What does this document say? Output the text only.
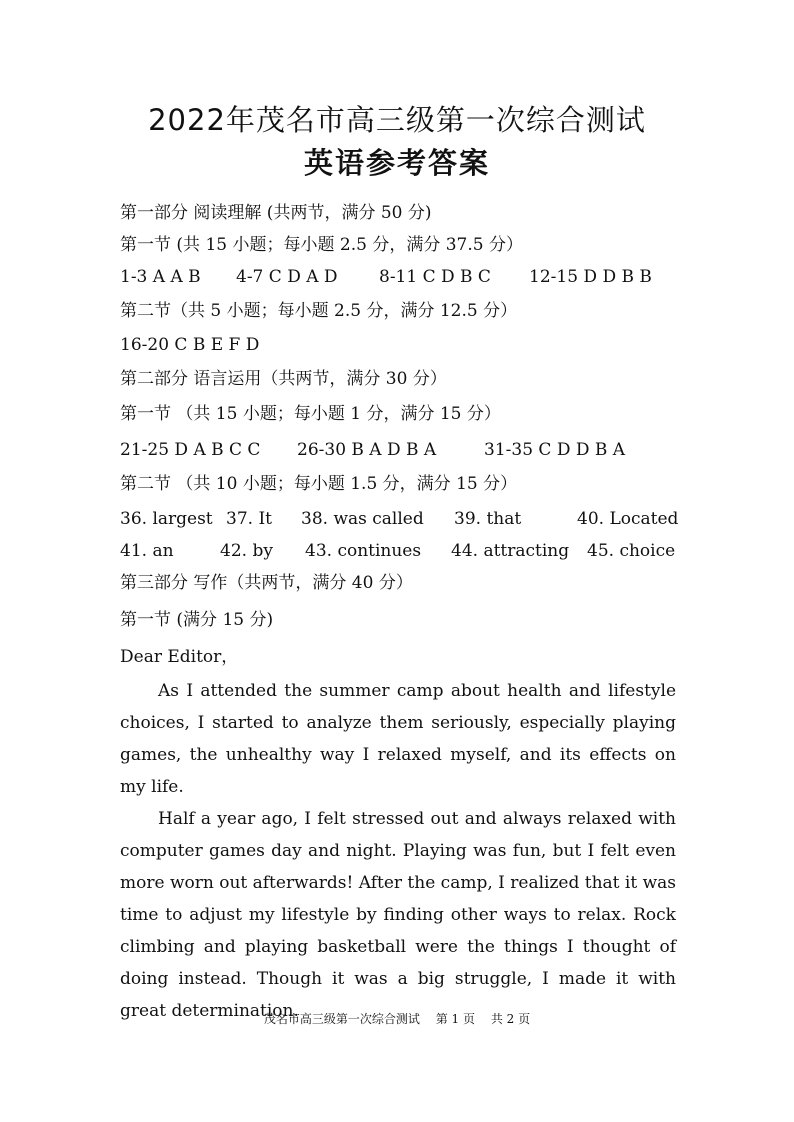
2022年茂名市高三级第一次综合测试
英语参考答案
第一部分 阅读理解 (共两节，满分 50 分)
第一节 (共 15 小题；每小题 2.5 分，满分 37.5 分）
1-3 A A B 4-7 C D A D 8-11 C D B C 12-15 D D B B
第二节（共 5 小题；每小题 2.5 分，满分 12.5 分）
16-20 C B E F D
第二部分 语言运用（共两节，满分 30 分）
第一节 （共 15 小题；每小题 1 分，满分 15 分）
21-25 D A B C C 26-30 B A D B A	31-35 C D D B A
第二节 （共 10 小题；每小题 1.5 分，满分 15 分）
36. largest 37. It 38. was called 39. that	40. Located
41. an	42. by 43. continues 44. attracting 45. choice
第三部分 写作（共两节，满分 40 分）
第一节 (满分 15 分)
Dear Editor，

As I attended the summer camp about health and lifestyle choices, I started to analyze them seriously, especially playing games, the unhealthy way I relaxed myself, and its effects on my life.

Half a year ago, I felt stressed out and always relaxed with computer games day and night. Playing was fun, but I felt even more worn out afterwards! After the camp, I realized that it was time to adjust my lifestyle by finding other ways to relax. Rock climbing and playing basketball were the things I thought of doing instead. Though it was a big struggle, I made it with great determination.

茂名市高三级第一次综合测试 第 1 页 共 2 页
